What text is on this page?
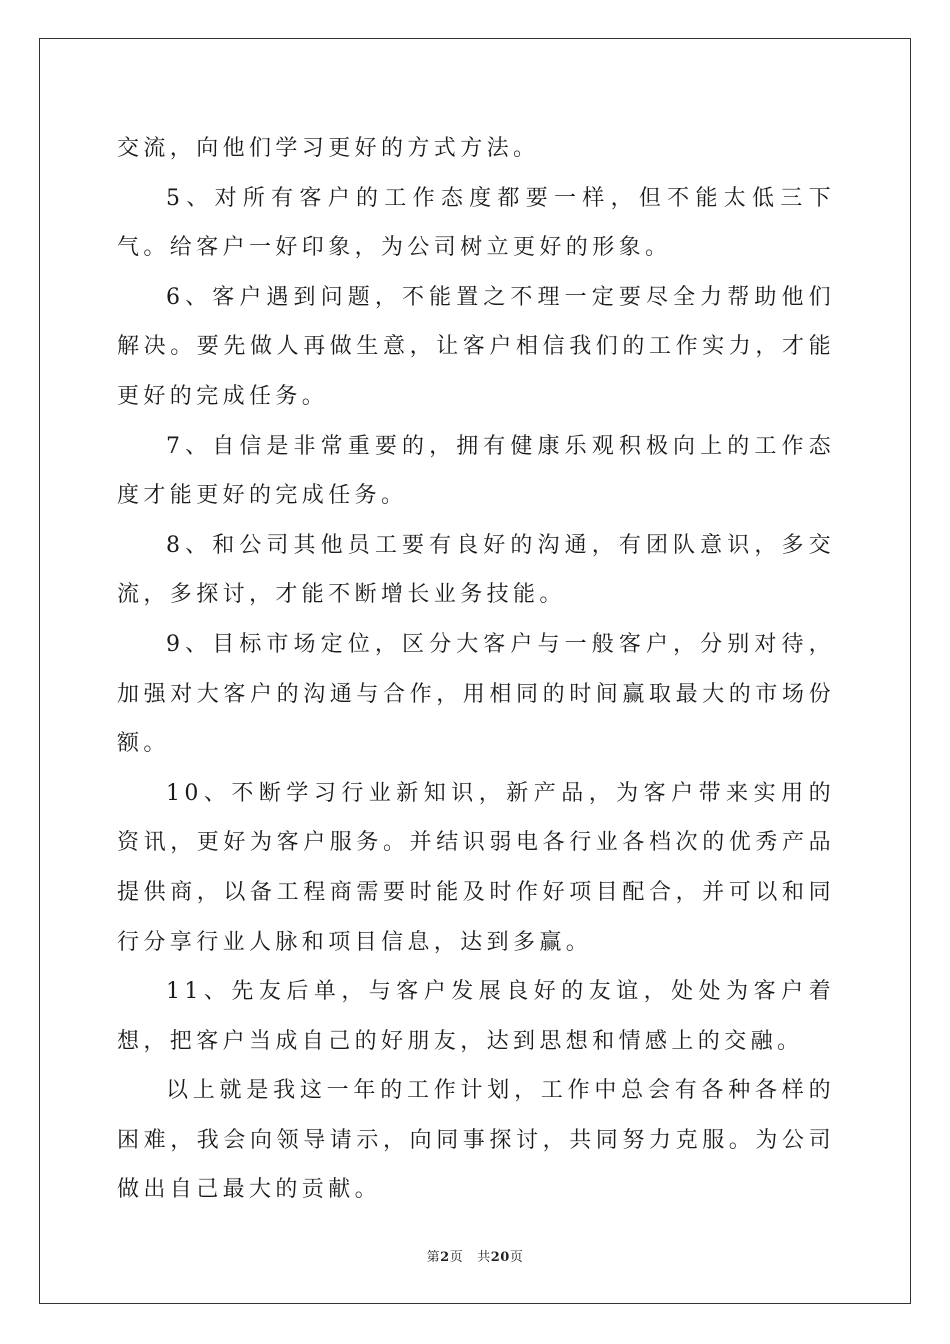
交流，向他们学习更好的方式方法。

5、对所有客户的工作态度都要一样，但不能太低三下气。给客户一好印象，为公司树立更好的形象。

6、客户遇到问题，不能置之不理一定要尽全力帮助他们解决。要先做人再做生意，让客户相信我们的工作实力，才能更好的完成任务。

7、自信是非常重要的，拥有健康乐观积极向上的工作态度才能更好的完成任务。

8、和公司其他员工要有良好的沟通，有团队意识，多交流，多探讨，才能不断增长业务技能。

9、目标市场定位，区分大客户与一般客户，分别对待，加强对大客户的沟通与合作，用相同的时间赢取最大的市场份额。

10、不断学习行业新知识，新产品，为客户带来实用的资讯，更好为客户服务。并结识弱电各行业各档次的优秀产品提供商，以备工程商需要时能及时作好项目配合，并可以和同行分享行业人脉和项目信息，达到多赢。

11、先友后单，与客户发展良好的友谊，处处为客户着想，把客户当成自己的好朋友，达到思想和情感上的交融。

以上就是我这一年的工作计划，工作中总会有各种各样的困难，我会向领导请示，向同事探讨，共同努力克服。为公司做出自己最大的贡献。

第2页 共20页
